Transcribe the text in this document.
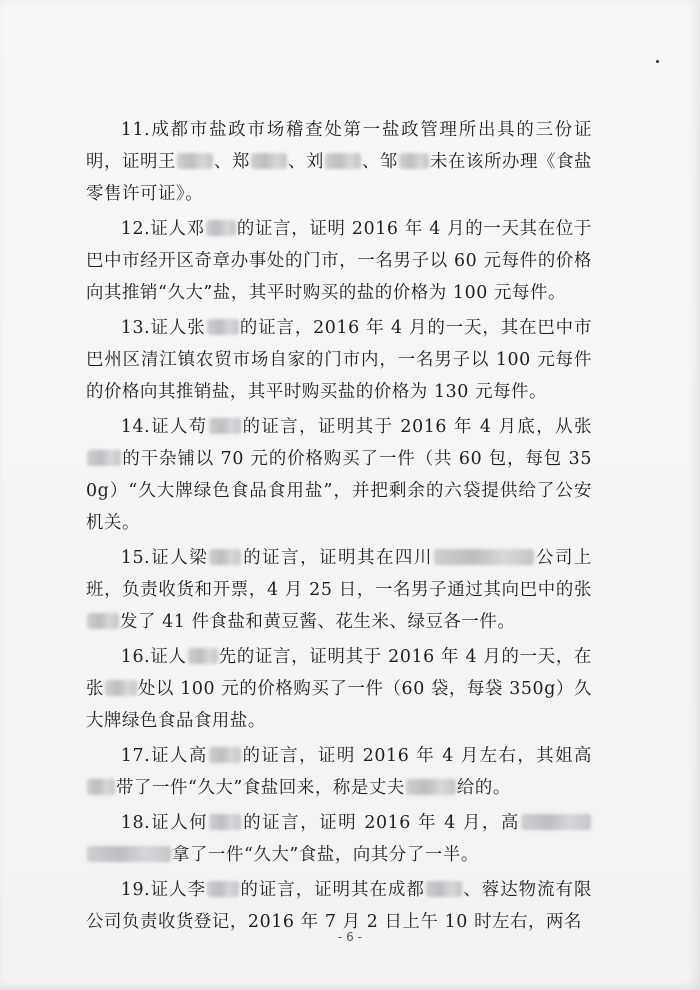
11.成都市盐政市场稽查处第一盐政管理所出具的三份证明，证明王 、郑 、刘 、邹 未在该所办理《食盐零售许可证》。

12.证人邓 的证言，证明 2016 年 4 月的一天其在位于巴中市经开区奇章办事处的门市，一名男子以 60 元每件的价格向其推销“久大”盐，其平时购买的盐的价格为 100 元每件。

13.证人张 的证言，2016 年 4 月的一天，其在巴中市巴州区清江镇农贸市场自家的门市内，一名男子以 100 元每件的价格向其推销盐，其平时购买盐的价格为 130 元每件。

14.证人苟 的证言，证明其于 2016 年 4 月底，从张的干杂铺以 70 元的价格购买了一件（共 60 包，每包 350g）“久大牌绿色食品食用盐”，并把剩余的六袋提供给了公安机关。

15.证人梁 的证言，证明其在四川	公司上班，负责收货和开票，4 月 25 日，一名男子通过其向巴中的张发了 41 件食盐和黄豆酱、花生米、绿豆各一件。

16.证人 先的证言，证明其于 2016 年 4 月的一天，在张 处以 100 元的价格购买了一件（60 袋，每袋 350g）久大牌绿色食品食用盐。

17.证人高 的证言，证明 2016 年 4 月左右，其姐高带了一件“久大”食盐回来，称是丈夫	给的。

18.证人何 的证言，证明 2016 年 4 月，高拿了一件“久大”食盐，向其分了一半。

19.证人李 的证言，证明其在成都 、蓉达物流有限公司负责收货登记，2016 年 7 月 2 日上午 10 时左右，两名

- 6 -
